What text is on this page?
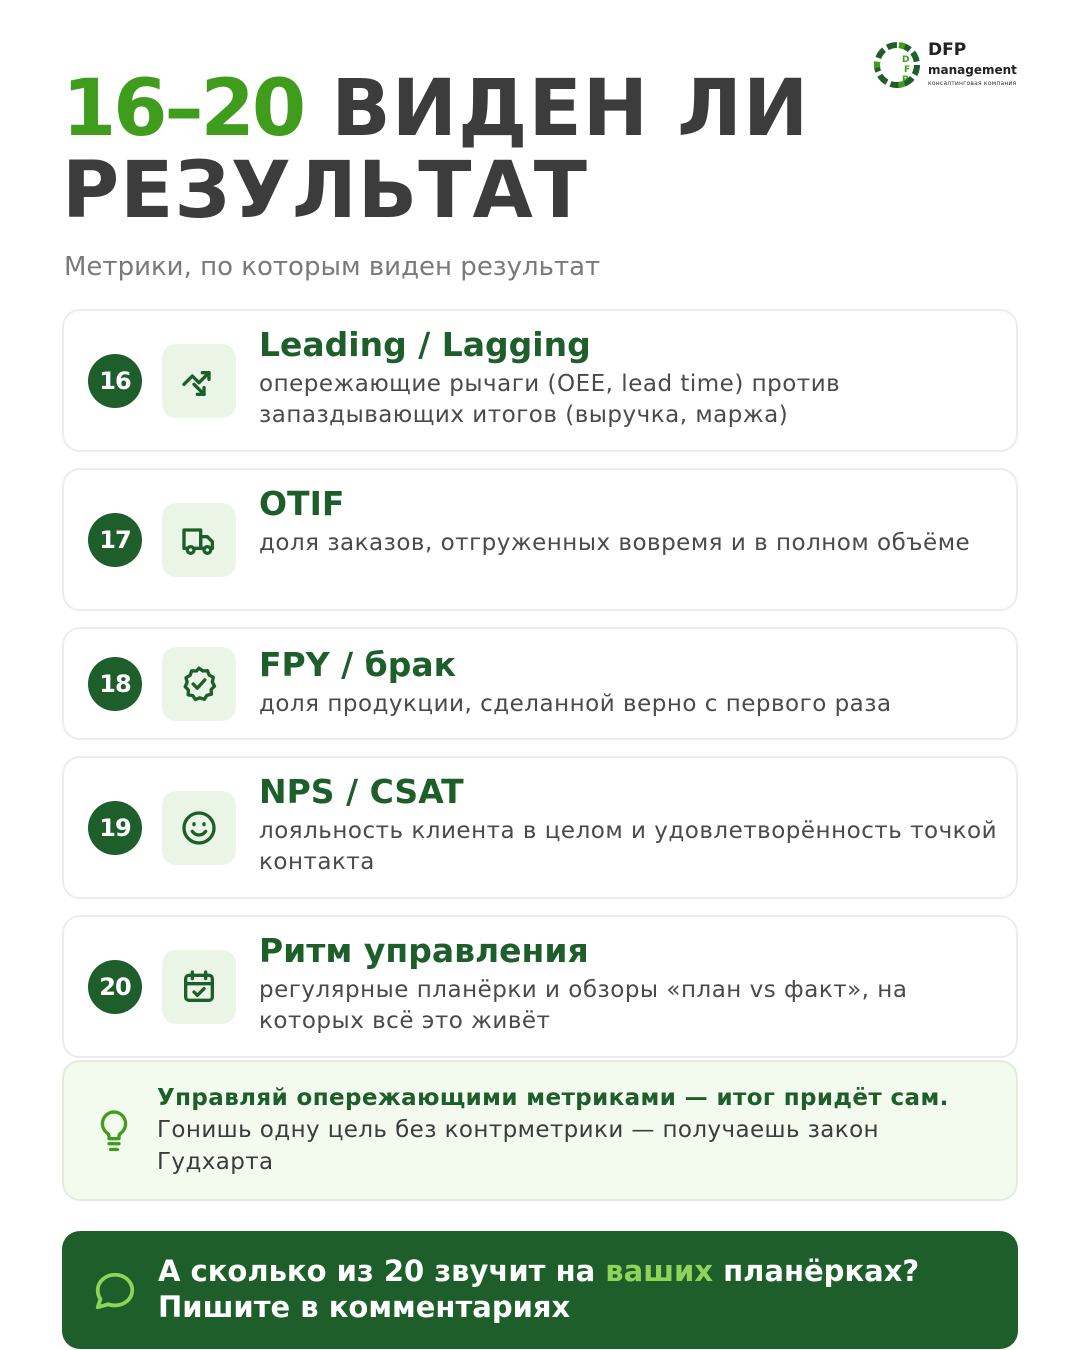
D
F
P
DFP
management
консалтинговая компания
16–20 ВИДЕН ЛИ
РЕЗУЛЬТАТ
Метрики, по которым виден результат
16
Leading / Lagging
опережающие рычаги (OEE, lead time) против запаздывающих итогов (выручка, маржа)
17
OTIF
доля заказов, отгруженных вовремя и в полном объёме
18	FPY / брак
доля продукции, сделанной верно с первого раза
19
NPS / CSAT
лояльность клиента в целом и удовлетворённость точкой контакта
20
Ритм управления
регулярные планёрки и обзоры «план vs факт», на которых всё это живёт
Управляй опережающими метриками — итог придёт сам. Гонишь одну цель без контрметрики — получаешь закон Гудхарта
А сколько из 20 звучит на ваших планёрках?
Пишите в комментариях
